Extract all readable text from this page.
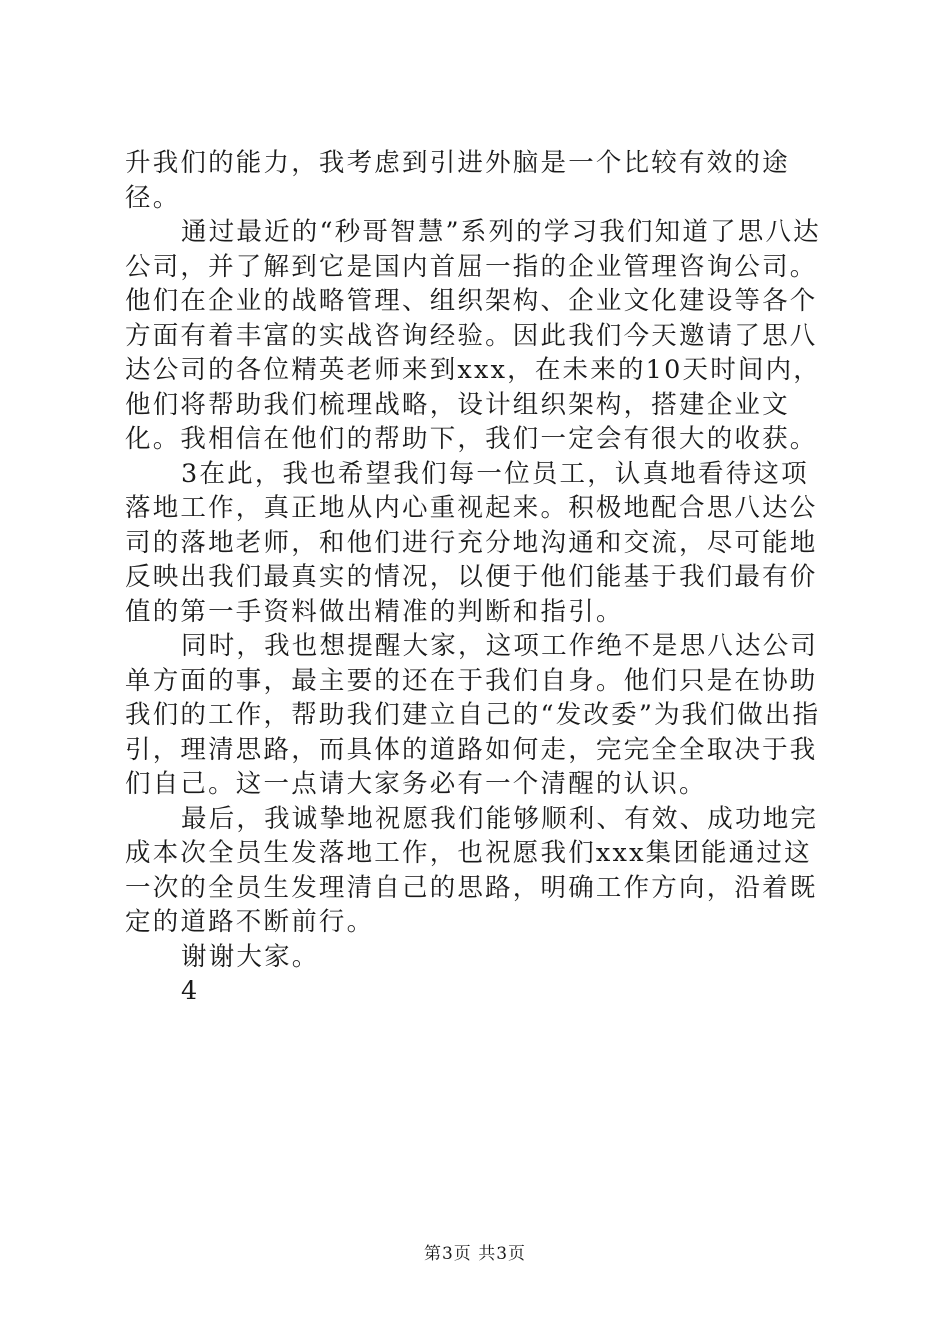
升我们的能力，我考虑到引进外脑是一个比较有效的途径。

通过最近的“秒哥智慧”系列的学习我们知道了思八达公司，并了解到它是国内首屈一指的企业管理咨询公司。他们在企业的战略管理、组织架构、企业文化建设等各个方面有着丰富的实战咨询经验。因此我们今天邀请了思八达公司的各位精英老师来到xxx，在未来的10天时间内，他们将帮助我们梳理战略，设计组织架构，搭建企业文化。我相信在他们的帮助下，我们一定会有很大的收获。

3在此，我也希望我们每一位员工，认真地看待这项落地工作，真正地从内心重视起来。积极地配合思八达公司的落地老师，和他们进行充分地沟通和交流，尽可能地反映出我们最真实的情况，以便于他们能基于我们最有价值的第一手资料做出精准的判断和指引。

同时，我也想提醒大家，这项工作绝不是思八达公司单方面的事，最主要的还在于我们自身。他们只是在协助我们的工作，帮助我们建立自己的“发改委”为我们做出指引，理清思路，而具体的道路如何走，完完全全取决于我们自己。这一点请大家务必有一个清醒的认识。

最后，我诚挚地祝愿我们能够顺利、有效、成功地完成本次全员生发落地工作，也祝愿我们xxx集团能通过这一次的全员生发理清自己的思路，明确工作方向，沿着既定的道路不断前行。

谢谢大家。

4

第3页 共3页
